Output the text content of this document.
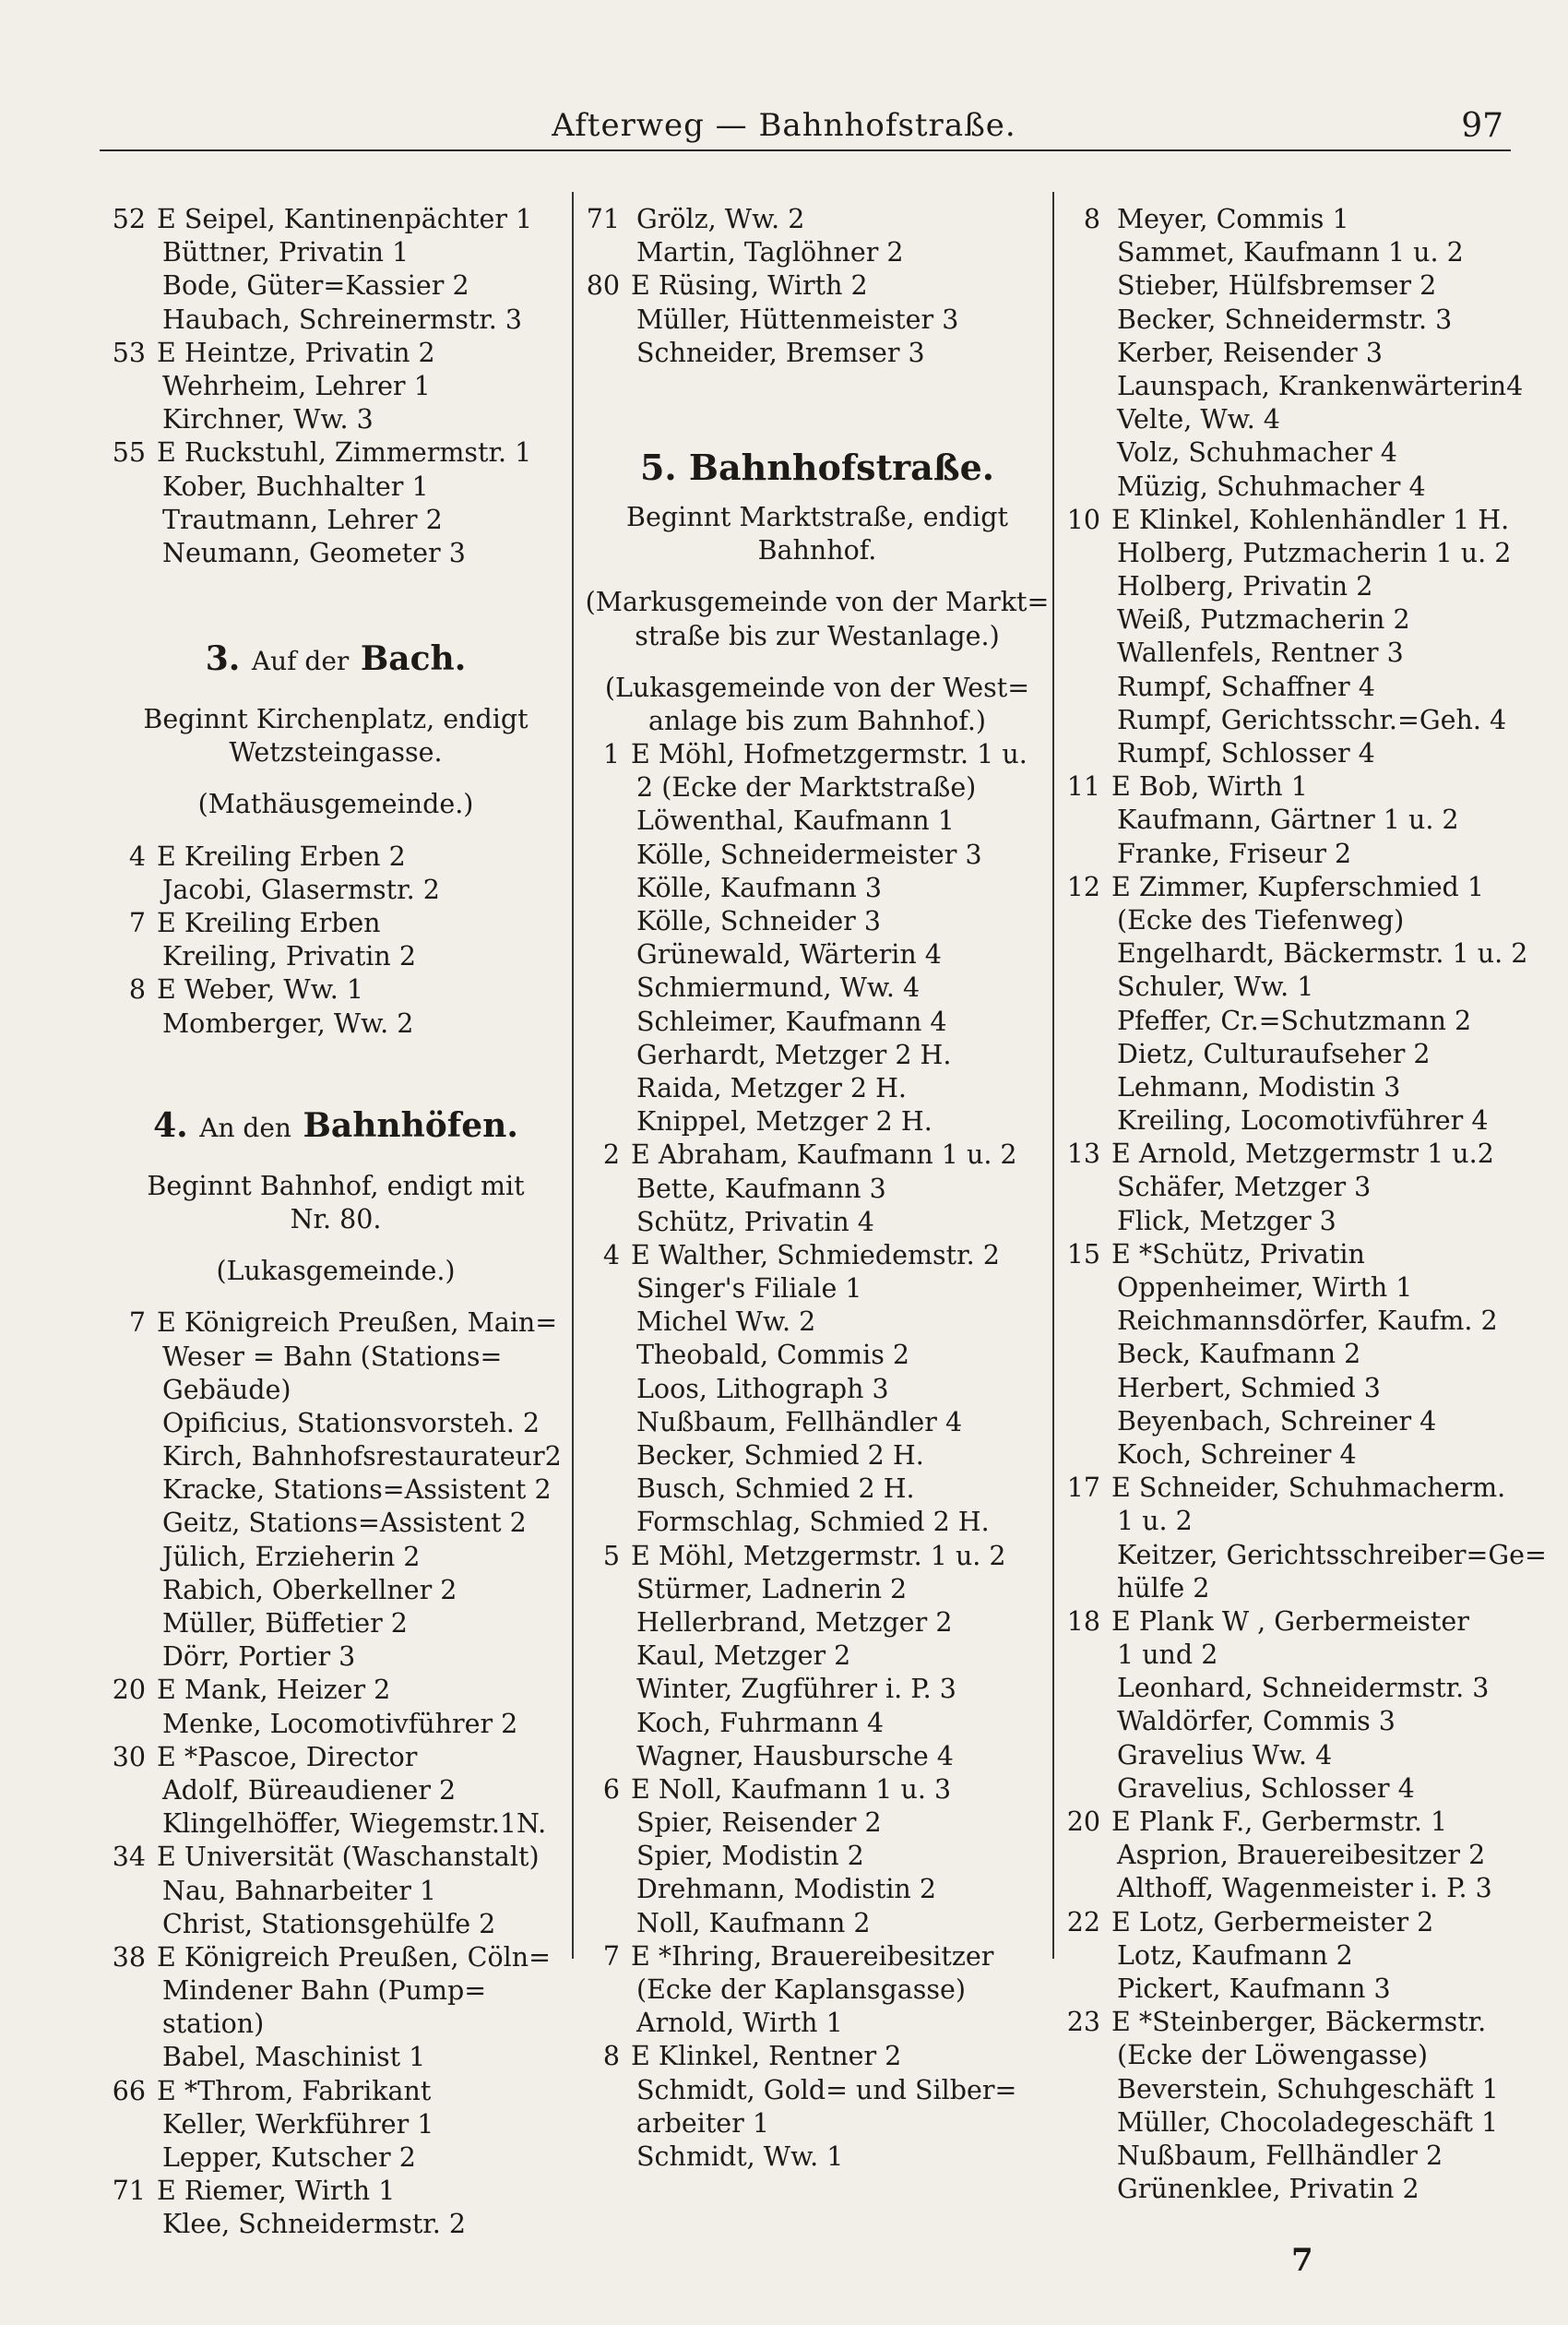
Afterweg — Bahnhofstraße.	97
52 E Seipel, Kantinenpächter 1
Büttner, Privatin 1
Bode, Güter=Kassier 2
Haubach, Schreinermstr. 3
53 E Heintze, Privatin 2
Wehrheim, Lehrer 1
Kirchner, Ww. 3
55 E Ruckstuhl, Zimmermstr. 1
Kober, Buchhalter 1
Trautmann, Lehrer 2
Neumann, Geometer 3
3. Auf der Bach.
Beginnt Kirchenplatz, endigt
Wetzsteingasse.
(Mathäusgemeinde.)
4 E Kreiling Erben 2
Jacobi, Glasermstr. 2
7 E Kreiling Erben
Kreiling, Privatin 2
8 E Weber, Ww. 1
Momberger, Ww. 2
4. An den Bahnhöfen.
Beginnt Bahnhof, endigt mit
Nr. 80.
(Lukasgemeinde.)
7 E Königreich Preußen, Main=
Weser = Bahn (Stations=
Gebäude)
Opificius, Stationsvorsteh. 2
Kirch, Bahnhofsrestaurateur2
Kracke, Stations=Assistent 2
Geitz, Stations=Assistent 2
Jülich, Erzieherin 2
Rabich, Oberkellner 2
Müller, Büffetier 2
Dörr, Portier 3
20 E Mank, Heizer 2
Menke, Locomotivführer 2
30 E *Pascoe, Director
Adolf, Büreaudiener 2
Klingelhöffer, Wiegemstr.1N.
34 E Universität (Waschanstalt)
Nau, Bahnarbeiter 1
Christ, Stationsgehülfe 2
38 E Königreich Preußen, Cöln=
Mindener Bahn (Pump=
station)
Babel, Maschinist 1
66 E *Throm, Fabrikant
Keller, Werkführer 1
Lepper, Kutscher 2
71 E Riemer, Wirth 1
Klee, Schneidermstr. 2
71 Grölz, Ww. 2
Martin, Taglöhner 2
80 E Rüsing, Wirth 2
Müller, Hüttenmeister 3
Schneider, Bremser 3
5. Bahnhofstraße.
Beginnt Marktstraße, endigt
Bahnhof.
(Markusgemeinde von der Markt=
straße bis zur Westanlage.)
(Lukasgemeinde von der West=
anlage bis zum Bahnhof.)
1 E Möhl, Hofmetzgermstr. 1 u.
2 (Ecke der Marktstraße)
Löwenthal, Kaufmann 1
Kölle, Schneidermeister 3
Kölle, Kaufmann 3
Kölle, Schneider 3
Grünewald, Wärterin 4
Schmiermund, Ww. 4
Schleimer, Kaufmann 4
Gerhardt, Metzger 2 H.
Raida, Metzger 2 H.
Knippel, Metzger 2 H.
2 E Abraham, Kaufmann 1 u. 2
Bette, Kaufmann 3
Schütz, Privatin 4
4 E Walther, Schmiedemstr. 2
Singer's Filiale 1
Michel Ww. 2
Theobald, Commis 2
Loos, Lithograph 3
Nußbaum, Fellhändler 4
Becker, Schmied 2 H.
Busch, Schmied 2 H.
Formschlag, Schmied 2 H.
5 E Möhl, Metzgermstr. 1 u. 2
Stürmer, Ladnerin 2
Hellerbrand, Metzger 2
Kaul, Metzger 2
Winter, Zugführer i. P. 3
Koch, Fuhrmann 4
Wagner, Hausbursche 4
6 E Noll, Kaufmann 1 u. 3
Spier, Reisender 2
Spier, Modistin 2
Drehmann, Modistin 2
Noll, Kaufmann 2
7 E *Ihring, Brauereibesitzer
(Ecke der Kaplansgasse)
Arnold, Wirth 1
8 E Klinkel, Rentner 2
Schmidt, Gold= und Silber=
arbeiter 1
Schmidt, Ww. 1
8 Meyer, Commis 1
Sammet, Kaufmann 1 u. 2
Stieber, Hülfsbremser 2
Becker, Schneidermstr. 3
Kerber, Reisender 3
Launspach, Krankenwärterin4
Velte, Ww. 4
Volz, Schuhmacher 4
Müzig, Schuhmacher 4
10 E Klinkel, Kohlenhändler 1 H.
Holberg, Putzmacherin 1 u. 2
Holberg, Privatin 2
Weiß, Putzmacherin 2
Wallenfels, Rentner 3
Rumpf, Schaffner 4
Rumpf, Gerichtsschr.=Geh. 4
Rumpf, Schlosser 4
11 E Bob, Wirth 1
Kaufmann, Gärtner 1 u. 2
Franke, Friseur 2
12 E Zimmer, Kupferschmied 1
(Ecke des Tiefenweg)
Engelhardt, Bäckermstr. 1 u. 2
Schuler, Ww. 1
Pfeffer, Cr.=Schutzmann 2
Dietz, Culturaufseher 2
Lehmann, Modistin 3
Kreiling, Locomotivführer 4
13 E Arnold, Metzgermstr 1 u.2
Schäfer, Metzger 3
Flick, Metzger 3
15 E *Schütz, Privatin
Oppenheimer, Wirth 1
Reichmannsdörfer, Kaufm. 2
Beck, Kaufmann 2
Herbert, Schmied 3
Beyenbach, Schreiner 4
Koch, Schreiner 4
17 E Schneider, Schuhmacherm.
1 u. 2
Keitzer, Gerichtsschreiber=Ge=
hülfe 2
18 E Plank W , Gerbermeister
1 und 2
Leonhard, Schneidermstr. 3
Waldörfer, Commis 3
Gravelius Ww. 4
Gravelius, Schlosser 4
20 E Plank F., Gerbermstr. 1
Asprion, Brauereibesitzer 2
Althoff, Wagenmeister i. P. 3
22 E Lotz, Gerbermeister 2
Lotz, Kaufmann 2
Pickert, Kaufmann 3
23 E *Steinberger, Bäckermstr.
(Ecke der Löwengasse)
Beverstein, Schuhgeschäft 1
Müller, Chocoladegeschäft 1
Nußbaum, Fellhändler 2
Grünenklee, Privatin 2
7
